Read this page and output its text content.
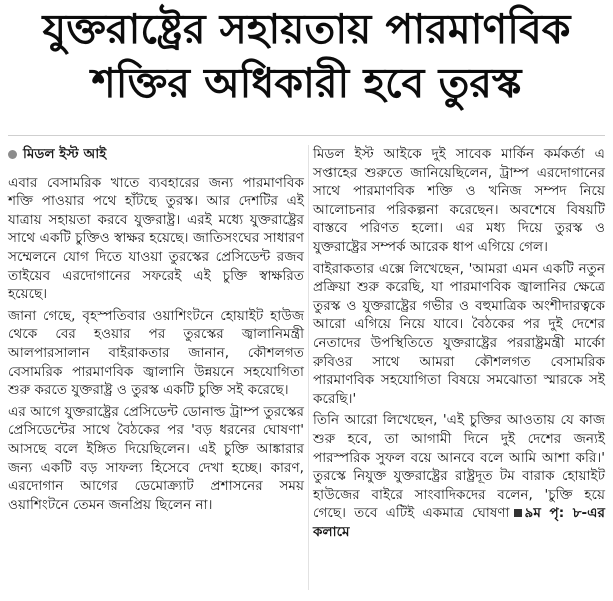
যুক্তরাষ্ট্রের সহায়তায় পারমাণবিক
শক্তির অধিকারী হবে তুরস্ক
মিডল ইস্ট আই

এবার বেসামরিক খাতে ব্যবহারের জন্য পারমাণবিক শক্তি পাওয়ার পথে হাঁটছে তুরস্ক। আর দেশটির এই যাত্রায় সহায়তা করবে যুক্তরাষ্ট্র। এরই মধ্যে যুক্তরাষ্ট্রের সাথে একটি চুক্তিও স্বাক্ষর হয়েছে। জাতিসংঘের সাধারণ সম্মেলনে যোগ দিতে যাওয়া তুরস্কের প্রেসিডেন্ট রজব তাইয়েব এরদোগানের সফরেই এই চুক্তি স্বাক্ষরিত হয়েছে।

জানা গেছে, বৃহস্পতিবার ওয়াশিংটনে হোয়াইট হাউজ থেকে বের হওয়ার পর তুরস্কের জ্বালানিমন্ত্রী আলপারসালান বাইরাকতার জানান, কৌশলগত বেসামরিক পারমাণবিক জ্বালানি উন্নয়নে সহযোগিতা শুরু করতে যুক্তরাষ্ট্র ও তুরস্ক একটি চুক্তি সই করেছে।

এর আগে যুক্তরাষ্ট্রের প্রেসিডেন্ট ডোনাল্ড ট্রাম্প তুরস্কের প্রেসিডেন্টের সাথে বৈঠকের পর 'বড় ধরনের ঘোষণা' আসছে বলে ইঙ্গিত দিয়েছিলেন। এই চুক্তি আঙ্কারার জন্য একটি বড় সাফল্য হিসেবে দেখা হচ্ছে। কারণ, এরদোগান আগের ডেমোক্র্যাট প্রশাসনের সময় ওয়াশিংটনে তেমন জনপ্রিয় ছিলেন না।

মিডল ইস্ট আইকে দুই সাবেক মার্কিন কর্মকর্তা এ সপ্তাহের শুরুতে জানিয়েছিলেন, ট্রাম্প এরদোগানের সাথে পারমাণবিক শক্তি ও খনিজ সম্পদ নিয়ে আলোচনার পরিকল্পনা করেছেন। অবশেষে বিষয়টি বাস্তবে পরিণত হলো। এর মধ্য দিয়ে তুরস্ক ও যুক্তরাষ্ট্রের সম্পর্ক আরেক ধাপ এগিয়ে গেল।

বাইরাকতার এক্সে লিখেছেন, 'আমরা এমন একটি নতুন প্রক্রিয়া শুরু করেছি, যা পারমাণবিক জ্বালানির ক্ষেত্রে তুরস্ক ও যুক্তরাষ্ট্রের গভীর ও বহুমাত্রিক অংশীদারত্বকে আরো এগিয়ে নিয়ে যাবে। বৈঠকের পর দুই দেশের নেতাদের উপস্থিতিতে যুক্তরাষ্ট্রের পররাষ্ট্রমন্ত্রী মার্কো রুবিওর সাথে আমরা কৌশলগত বেসামরিক পারমাণবিক সহযোগিতা বিষয়ে সমঝোতা স্মারকে সই করেছি।'

তিনি আরো লিখেছেন, 'এই চুক্তির আওতায় যে কাজ শুরু হবে, তা আগামী দিনে দুই দেশের জন্যই পারস্পরিক সুফল বয়ে আনবে বলে আমি আশা করি।' তুরস্কে নিযুক্ত যুক্তরাষ্ট্রের রাষ্ট্রদূত টম বারাক হোয়াইট হাউজের বাইরে সাংবাদিকদের বলেন, 'চুক্তি হয়ে গেছে। তবে এটিই একমাত্র ঘোষণা ৯ম পৃ: ৮-এর কলামে
